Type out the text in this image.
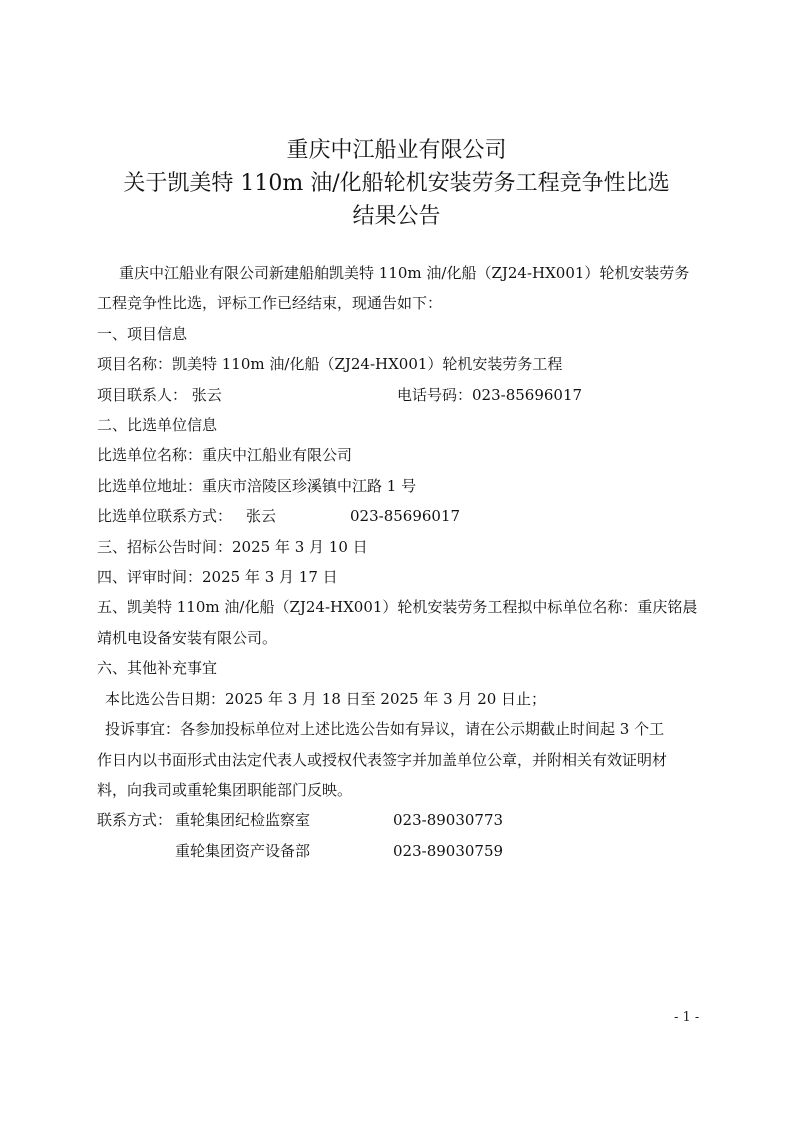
重庆中江船业有限公司
关于凯美特 110m 油/化船轮机安装劳务工程竞争性比选
结果公告

重庆中江船业有限公司新建船舶凯美特 110m 油/化船（ZJ24-HX001）轮机安装劳务

工程竞争性比选，评标工作已经结束，现通告如下：

一、项目信息

项目名称：凯美特 110m 油/化船（ZJ24-HX001）轮机安装劳务工程

项目联系人： 张云	电话号码：023-85696017

二、比选单位信息

比选单位名称：重庆中江船业有限公司

比选单位地址：重庆市涪陵区珍溪镇中江路 1 号

比选单位联系方式： 张云	023-85696017

三、招标公告时间：2025 年 3 月 10 日

四、评审时间：2025 年 3 月 17 日

五、凯美特 110m 油/化船（ZJ24-HX001）轮机安装劳务工程拟中标单位名称：重庆铭晨

靖机电设备安装有限公司。

六、其他补充事宜

本比选公告日期：2025 年 3 月 18 日至 2025 年 3 月 20 日止；

投诉事宜：各参加投标单位对上述比选公告如有异议，请在公示期截止时间起 3 个工

作日内以书面形式由法定代表人或授权代表签字并加盖单位公章，并附相关有效证明材

料，向我司或重轮集团职能部门反映。

联系方式： 重轮集团纪检监察室	023-89030773
重轮集团资产设备部	023-89030759
- 1 -
